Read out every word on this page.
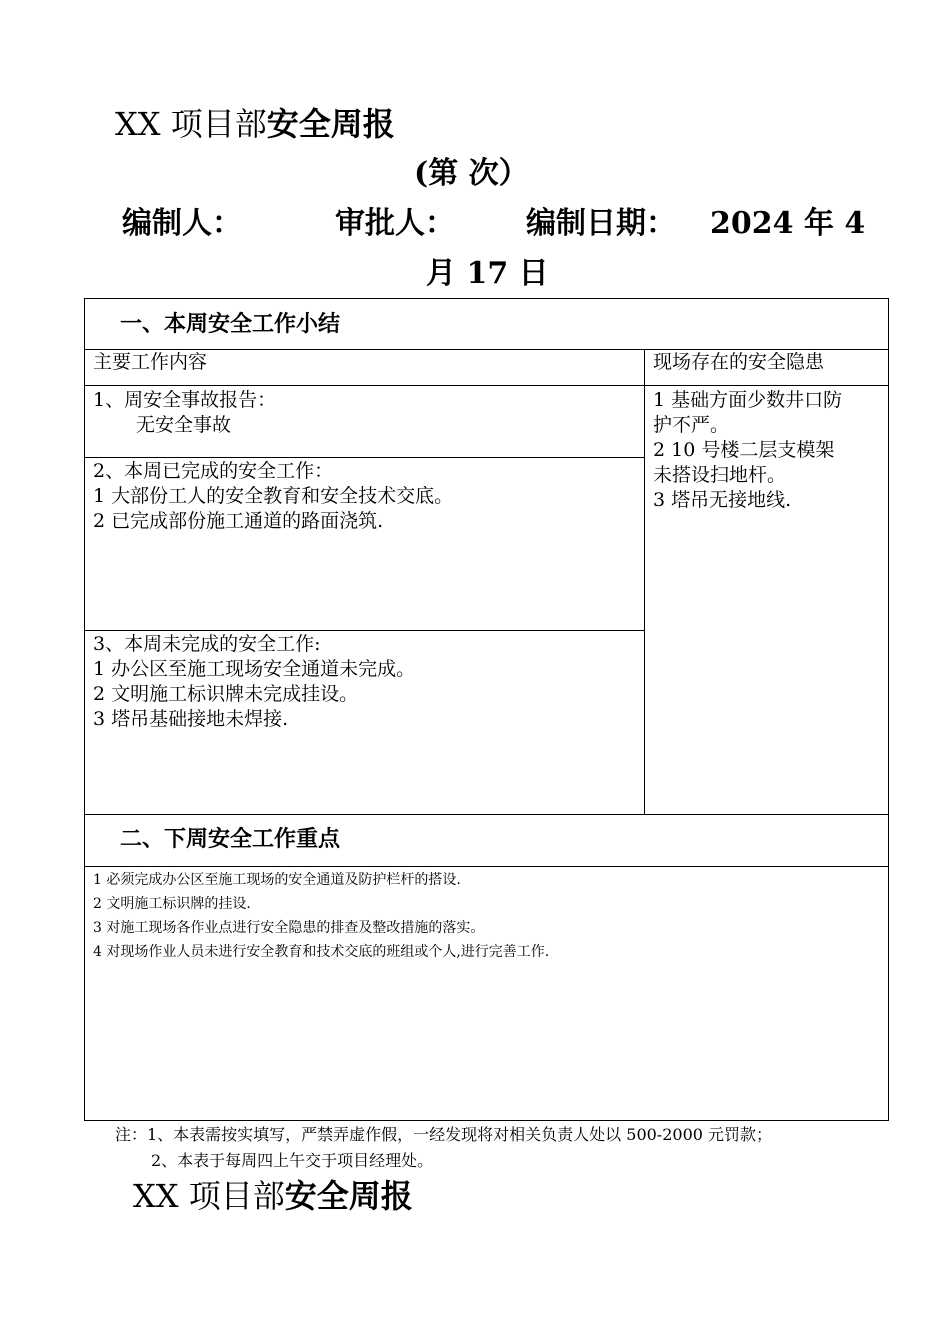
XX 项目部安全周报
(第 次）
编制人：	审批人： 编制日期： 2024 年 4
月 17 日
一、本周安全工作小结
主要工作内容	现场存在的安全隐患
1、周安全事故报告：
无安全事故
2、本周已完成的安全工作：
1 大部份工人的安全教育和安全技术交底。
2 已完成部份施工通道的路面浇筑.
3、本周未完成的安全工作:
1 办公区至施工现场安全通道未完成。
2 文明施工标识牌未完成挂设。
3 塔吊基础接地未焊接.
1 基础方面少数井口防
护不严。
2 10 号楼二层支模架
未搭设扫地杆。
3 塔吊无接地线.
二、下周安全工作重点
1 必须完成办公区至施工现场的安全通道及防护栏杆的搭设.
2 文明施工标识牌的挂设.
3 对施工现场各作业点进行安全隐患的排查及整改措施的落实。
4 对现场作业人员未进行安全教育和技术交底的班组或个人,进行完善工作.
注：1、本表需按实填写，严禁弄虚作假，一经发现将对相关负责人处以 500-2000 元罚款；
2、本表于每周四上午交于项目经理处。
XX 项目部安全周报
